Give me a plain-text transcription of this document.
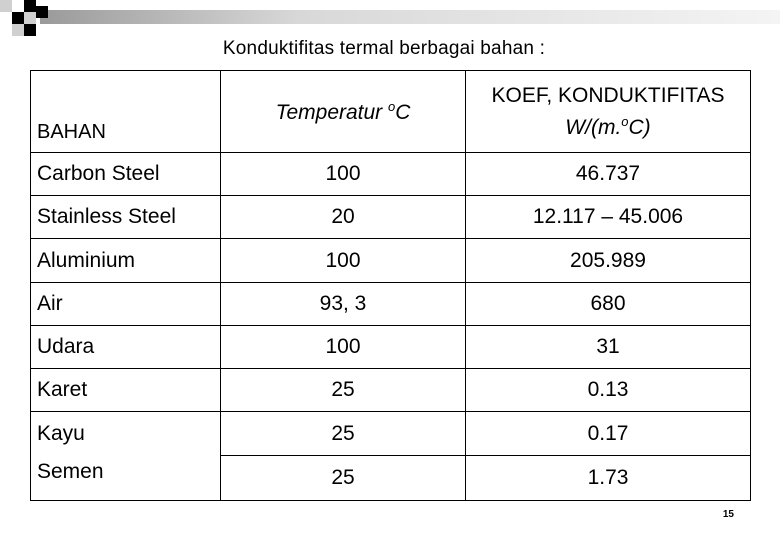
Konduktifitas termal berbagai bahan :
BAHAN	Temperatur $^o$C	KOEF, KONDUKTIFITAS
W/(m.$^o$C)

Carbon Steel	100	46.737
Stainless Steel	20	12.117 – 45.006
Aluminium	100	205.989
Air	93, 3	680
Udara	100	31
Karet	25	0.13
Kayu	25	0.17
Semen	25	1.73
15
